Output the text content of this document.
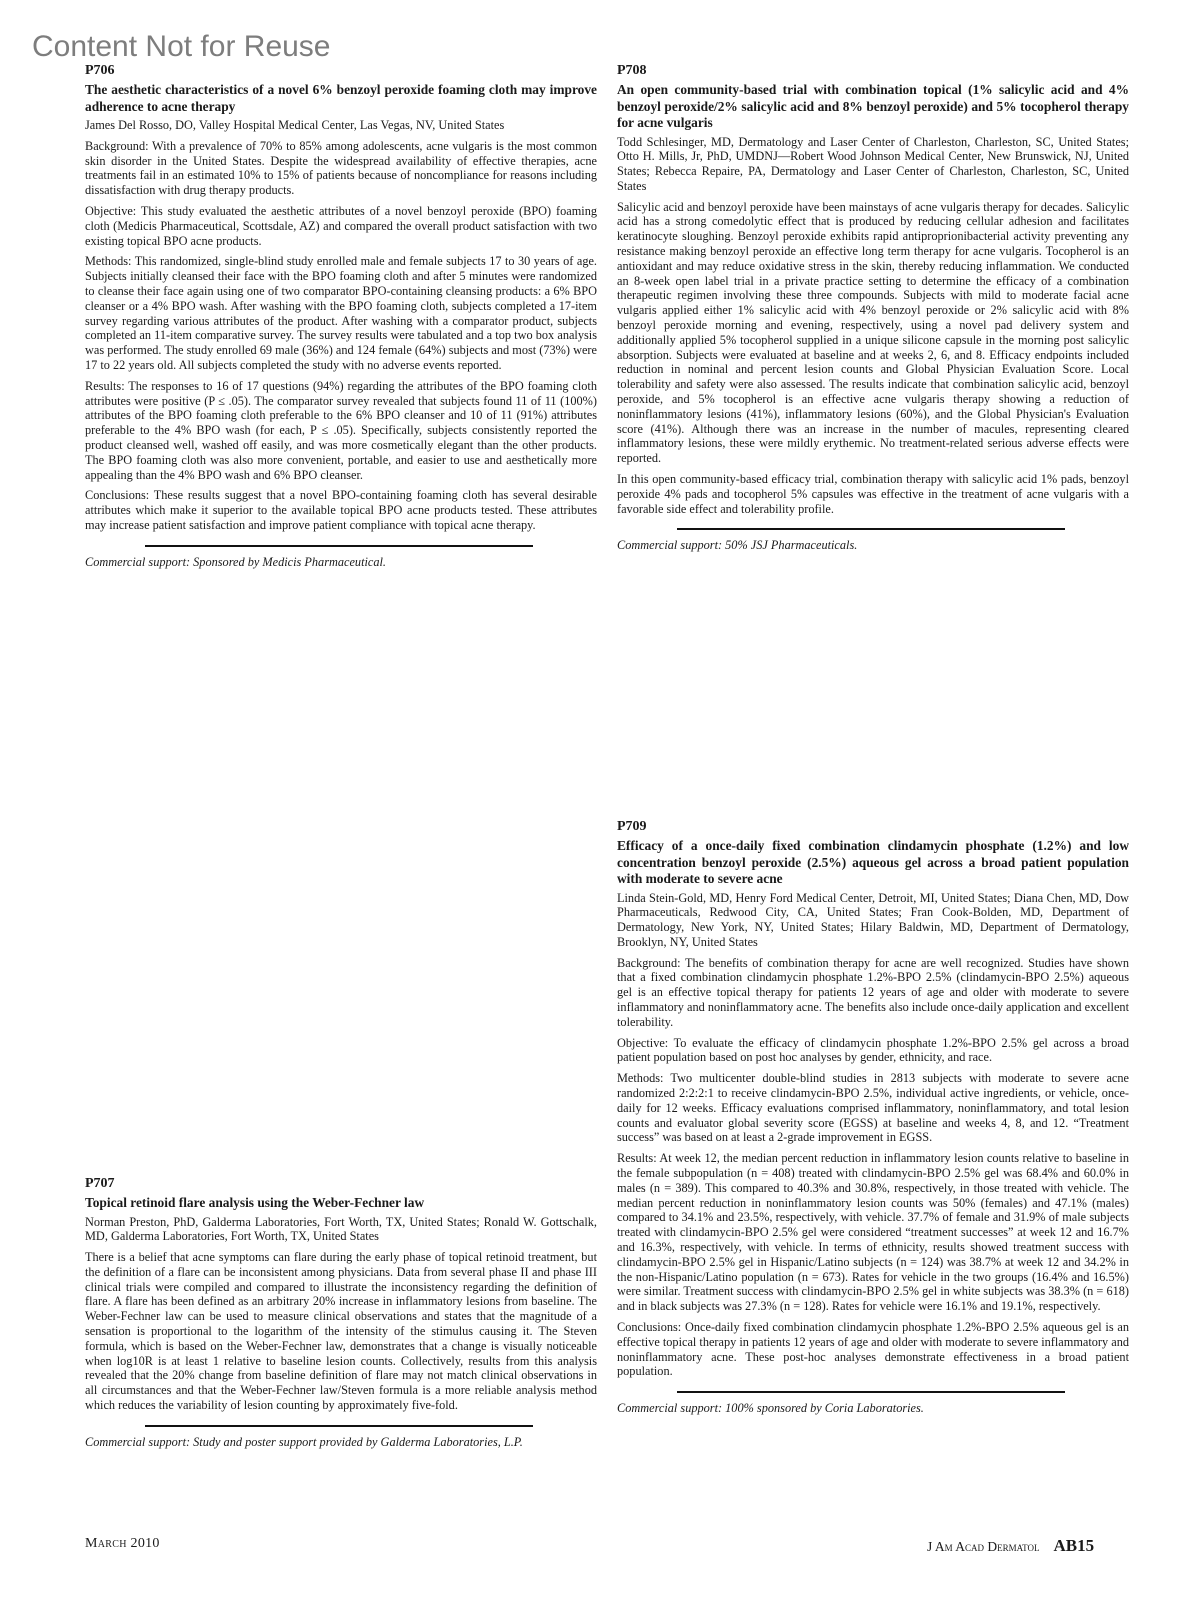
Content Not for Reuse
P706
The aesthetic characteristics of a novel 6% benzoyl peroxide foaming cloth may improve adherence to acne therapy
James Del Rosso, DO, Valley Hospital Medical Center, Las Vegas, NV, United States

Background: With a prevalence of 70% to 85% among adolescents, acne vulgaris is the most common skin disorder in the United States. Despite the widespread availability of effective therapies, acne treatments fail in an estimated 10% to 15% of patients because of noncompliance for reasons including dissatisfaction with drug therapy products.

Objective: This study evaluated the aesthetic attributes of a novel benzoyl peroxide (BPO) foaming cloth (Medicis Pharmaceutical, Scottsdale, AZ) and compared the overall product satisfaction with two existing topical BPO acne products.

Methods: This randomized, single-blind study enrolled male and female subjects 17 to 30 years of age. Subjects initially cleansed their face with the BPO foaming cloth and after 5 minutes were randomized to cleanse their face again using one of two comparator BPO-containing cleansing products: a 6% BPO cleanser or a 4% BPO wash. After washing with the BPO foaming cloth, subjects completed a 17-item survey regarding various attributes of the product. After washing with a comparator product, subjects completed an 11-item comparative survey. The survey results were tabulated and a top two box analysis was performed. The study enrolled 69 male (36%) and 124 female (64%) subjects and most (73%) were 17 to 22 years old. All subjects completed the study with no adverse events reported.

Results: The responses to 16 of 17 questions (94%) regarding the attributes of the BPO foaming cloth attributes were positive (P ≤ .05). The comparator survey revealed that subjects found 11 of 11 (100%) attributes of the BPO foaming cloth preferable to the 6% BPO cleanser and 10 of 11 (91%) attributes preferable to the 4% BPO wash (for each, P ≤ .05). Specifically, subjects consistently reported the product cleansed well, washed off easily, and was more cosmetically elegant than the other products. The BPO foaming cloth was also more convenient, portable, and easier to use and aesthetically more appealing than the 4% BPO wash and 6% BPO cleanser.

Conclusions: These results suggest that a novel BPO-containing foaming cloth has several desirable attributes which make it superior to the available topical BPO acne products tested. These attributes may increase patient satisfaction and improve patient compliance with topical acne therapy.

Commercial support: Sponsored by Medicis Pharmaceutical.

P707
Topical retinoid flare analysis using the Weber-Fechner law
Norman Preston, PhD, Galderma Laboratories, Fort Worth, TX, United States; Ronald W. Gottschalk, MD, Galderma Laboratories, Fort Worth, TX, United States

There is a belief that acne symptoms can flare during the early phase of topical retinoid treatment, but the definition of a flare can be inconsistent among physicians. Data from several phase II and phase III clinical trials were compiled and compared to illustrate the inconsistency regarding the definition of flare. A flare has been defined as an arbitrary 20% increase in inflammatory lesions from baseline. The Weber-Fechner law can be used to measure clinical observations and states that the magnitude of a sensation is proportional to the logarithm of the intensity of the stimulus causing it. The Steven formula, which is based on the Weber-Fechner law, demonstrates that a change is visually noticeable when log10R is at least 1 relative to baseline lesion counts. Collectively, results from this analysis revealed that the 20% change from baseline definition of flare may not match clinical observations in all circumstances and that the Weber-Fechner law/Steven formula is a more reliable analysis method which reduces the variability of lesion counting by approximately five-fold.

Commercial support: Study and poster support provided by Galderma Laboratories, L.P.

P708
An open community-based trial with combination topical (1% salicylic acid and 4% benzoyl peroxide/2% salicylic acid and 8% benzoyl peroxide) and 5% tocopherol therapy for acne vulgaris
Todd Schlesinger, MD, Dermatology and Laser Center of Charleston, Charleston, SC, United States; Otto H. Mills, Jr, PhD, UMDNJ—Robert Wood Johnson Medical Center, New Brunswick, NJ, United States; Rebecca Repaire, PA, Dermatology and Laser Center of Charleston, Charleston, SC, United States

Salicylic acid and benzoyl peroxide have been mainstays of acne vulgaris therapy for decades. Salicylic acid has a strong comedolytic effect that is produced by reducing cellular adhesion and facilitates keratinocyte sloughing. Benzoyl peroxide exhibits rapid antiproprionibacterial activity preventing any resistance making benzoyl peroxide an effective long term therapy for acne vulgaris. Tocopherol is an antioxidant and may reduce oxidative stress in the skin, thereby reducing inflammation. We conducted an 8-week open label trial in a private practice setting to determine the efficacy of a combination therapeutic regimen involving these three compounds. Subjects with mild to moderate facial acne vulgaris applied either 1% salicylic acid with 4% benzoyl peroxide or 2% salicylic acid with 8% benzoyl peroxide morning and evening, respectively, using a novel pad delivery system and additionally applied 5% tocopherol supplied in a unique silicone capsule in the morning post salicylic absorption. Subjects were evaluated at baseline and at weeks 2, 6, and 8. Efficacy endpoints included reduction in nominal and percent lesion counts and Global Physician Evaluation Score. Local tolerability and safety were also assessed. The results indicate that combination salicylic acid, benzoyl peroxide, and 5% tocopherol is an effective acne vulgaris therapy showing a reduction of noninflammatory lesions (41%), inflammatory lesions (60%), and the Global Physician's Evaluation score (41%). Although there was an increase in the number of macules, representing cleared inflammatory lesions, these were mildly erythemic. No treatment-related serious adverse effects were reported.

In this open community-based efficacy trial, combination therapy with salicylic acid 1% pads, benzoyl peroxide 4% pads and tocopherol 5% capsules was effective in the treatment of acne vulgaris with a favorable side effect and tolerability profile.

Commercial support: 50% JSJ Pharmaceuticals.

P709
Efficacy of a once-daily fixed combination clindamycin phosphate (1.2%) and low concentration benzoyl peroxide (2.5%) aqueous gel across a broad patient population with moderate to severe acne
Linda Stein-Gold, MD, Henry Ford Medical Center, Detroit, MI, United States; Diana Chen, MD, Dow Pharmaceuticals, Redwood City, CA, United States; Fran Cook-Bolden, MD, Department of Dermatology, New York, NY, United States; Hilary Baldwin, MD, Department of Dermatology, Brooklyn, NY, United States

Background: The benefits of combination therapy for acne are well recognized. Studies have shown that a fixed combination clindamycin phosphate 1.2%-BPO 2.5% (clindamycin-BPO 2.5%) aqueous gel is an effective topical therapy for patients 12 years of age and older with moderate to severe inflammatory and noninflammatory acne. The benefits also include once-daily application and excellent tolerability.

Objective: To evaluate the efficacy of clindamycin phosphate 1.2%-BPO 2.5% gel across a broad patient population based on post hoc analyses by gender, ethnicity, and race.

Methods: Two multicenter double-blind studies in 2813 subjects with moderate to severe acne randomized 2:2:2:1 to receive clindamycin-BPO 2.5%, individual active ingredients, or vehicle, once-daily for 12 weeks. Efficacy evaluations comprised inflammatory, noninflammatory, and total lesion counts and evaluator global severity score (EGSS) at baseline and weeks 4, 8, and 12. “Treatment success” was based on at least a 2-grade improvement in EGSS.

Results: At week 12, the median percent reduction in inflammatory lesion counts relative to baseline in the female subpopulation (n = 408) treated with clindamycin-BPO 2.5% gel was 68.4% and 60.0% in males (n = 389). This compared to 40.3% and 30.8%, respectively, in those treated with vehicle. The median percent reduction in noninflammatory lesion counts was 50% (females) and 47.1% (males) compared to 34.1% and 23.5%, respectively, with vehicle. 37.7% of female and 31.9% of male subjects treated with clindamycin-BPO 2.5% gel were considered “treatment successes” at week 12 and 16.7% and 16.3%, respectively, with vehicle. In terms of ethnicity, results showed treatment success with clindamycin-BPO 2.5% gel in Hispanic/Latino subjects (n = 124) was 38.7% at week 12 and 34.2% in the non-Hispanic/Latino population (n = 673). Rates for vehicle in the two groups (16.4% and 16.5%) were similar. Treatment success with clindamycin-BPO 2.5% gel in white subjects was 38.3% (n = 618) and in black subjects was 27.3% (n = 128). Rates for vehicle were 16.1% and 19.1%, respectively.

Conclusions: Once-daily fixed combination clindamycin phosphate 1.2%-BPO 2.5% aqueous gel is an effective topical therapy in patients 12 years of age and older with moderate to severe inflammatory and noninflammatory acne. These post-hoc analyses demonstrate effectiveness in a broad patient population.

Commercial support: 100% sponsored by Coria Laboratories.

March 2010	J Am Acad Dermatol AB15
